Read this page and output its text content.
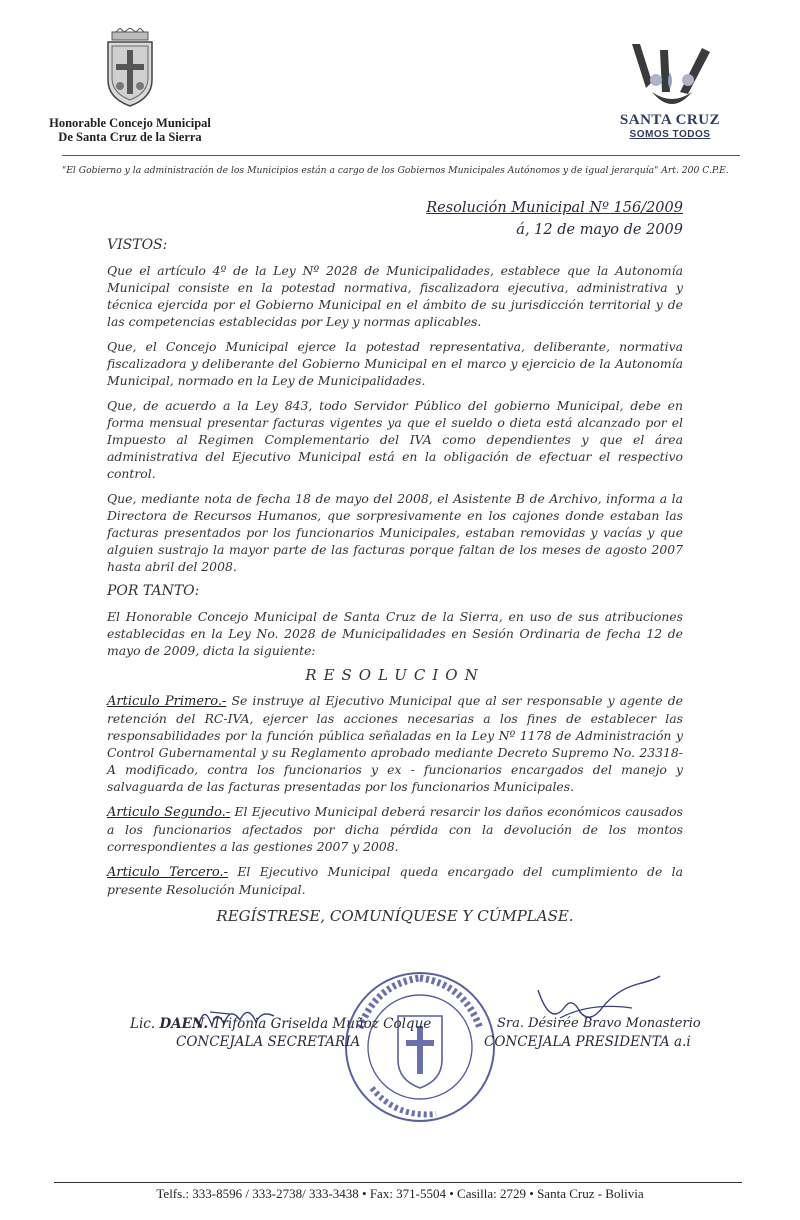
Honorable Concejo Municipal
De Santa Cruz de la Sierra
SANTA CRUZ
SOMOS TODOS
"El Gobierno y la administración de los Municipios están a cargo de los Gobiernos Municipales Autónomos y de igual jerarquía" Art. 200 C.P.E.
Resolución Municipal Nº 156/2009
á, 12 de mayo de 2009

VISTOS:

Que el artículo 4º de la Ley Nº 2028 de Municipalidades, establece que la Autonomía Municipal consiste en la potestad normativa, fiscalizadora ejecutiva, administrativa y técnica ejercida por el Gobierno Municipal en el ámbito de su jurisdicción territorial y de las competencias establecidas por Ley y normas aplicables.

Que, el Concejo Municipal ejerce la potestad representativa, deliberante, normativa fiscalizadora y deliberante del Gobierno Municipal en el marco y ejercicio de la Autonomía Municipal, normado en la Ley de Municipalidades.

Que, de acuerdo a la Ley 843, todo Servidor Público del gobierno Municipal, debe en forma mensual presentar facturas vigentes ya que el sueldo o dieta está alcanzado por el Impuesto al Regimen Complementario del IVA como dependientes y que el área administrativa del Ejecutivo Municipal está en la obligación de efectuar el respectivo control.

Que, mediante nota de fecha 18 de mayo del 2008, el Asistente B de Archivo, informa a la Directora de Recursos Humanos, que sorpresivamente en los cajones donde estaban las facturas presentados por los funcionarios Municipales, estaban removidas y vacías y que alguien sustrajo la mayor parte de las facturas porque faltan de los meses de agosto 2007 hasta abril del 2008.

POR TANTO:

El Honorable Concejo Municipal de Santa Cruz de la Sierra, en uso de sus atribuciones establecidas en la Ley No. 2028 de Municipalidades en Sesión Ordinaria de fecha 12 de mayo de 2009, dicta la siguiente:

RESOLUCION

Articulo Primero.- Se instruye al Ejecutivo Municipal que al ser responsable y agente de retención del RC-IVA, ejercer las acciones necesarias a los fines de establecer las responsabilidades por la función pública señaladas en la Ley Nº 1178 de Administración y Control Gubernamental y su Reglamento aprobado mediante Decreto Supremo No. 23318-A modificado, contra los funcionarios y ex - funcionarios encargados del manejo y salvaguarda de las facturas presentadas por los funcionarios Municipales.

Articulo Segundo.- El Ejecutivo Municipal deberá resarcir los daños económicos causados a los funcionarios afectados por dicha pérdida con la devolución de los montos correspondientes a las gestiones 2007 y 2008.

Articulo Tercero.- El Ejecutivo Municipal queda encargado del cumplimiento de la presente Resolución Municipal.

REGÍSTRESE, COMUNÍQUESE Y CÚMPLASE.

Lic. DAEN. Trifonia Griselda Muñoz Colque
CONCEJALA SECRETARIA
Sra. Désirée Bravo Monasterio
CONCEJALA PRESIDENTA a.i
Telfs.: 333-8596 / 333-2738/ 333-3438 • Fax: 371-5504 • Casilla: 2729 • Santa Cruz - Bolivia
